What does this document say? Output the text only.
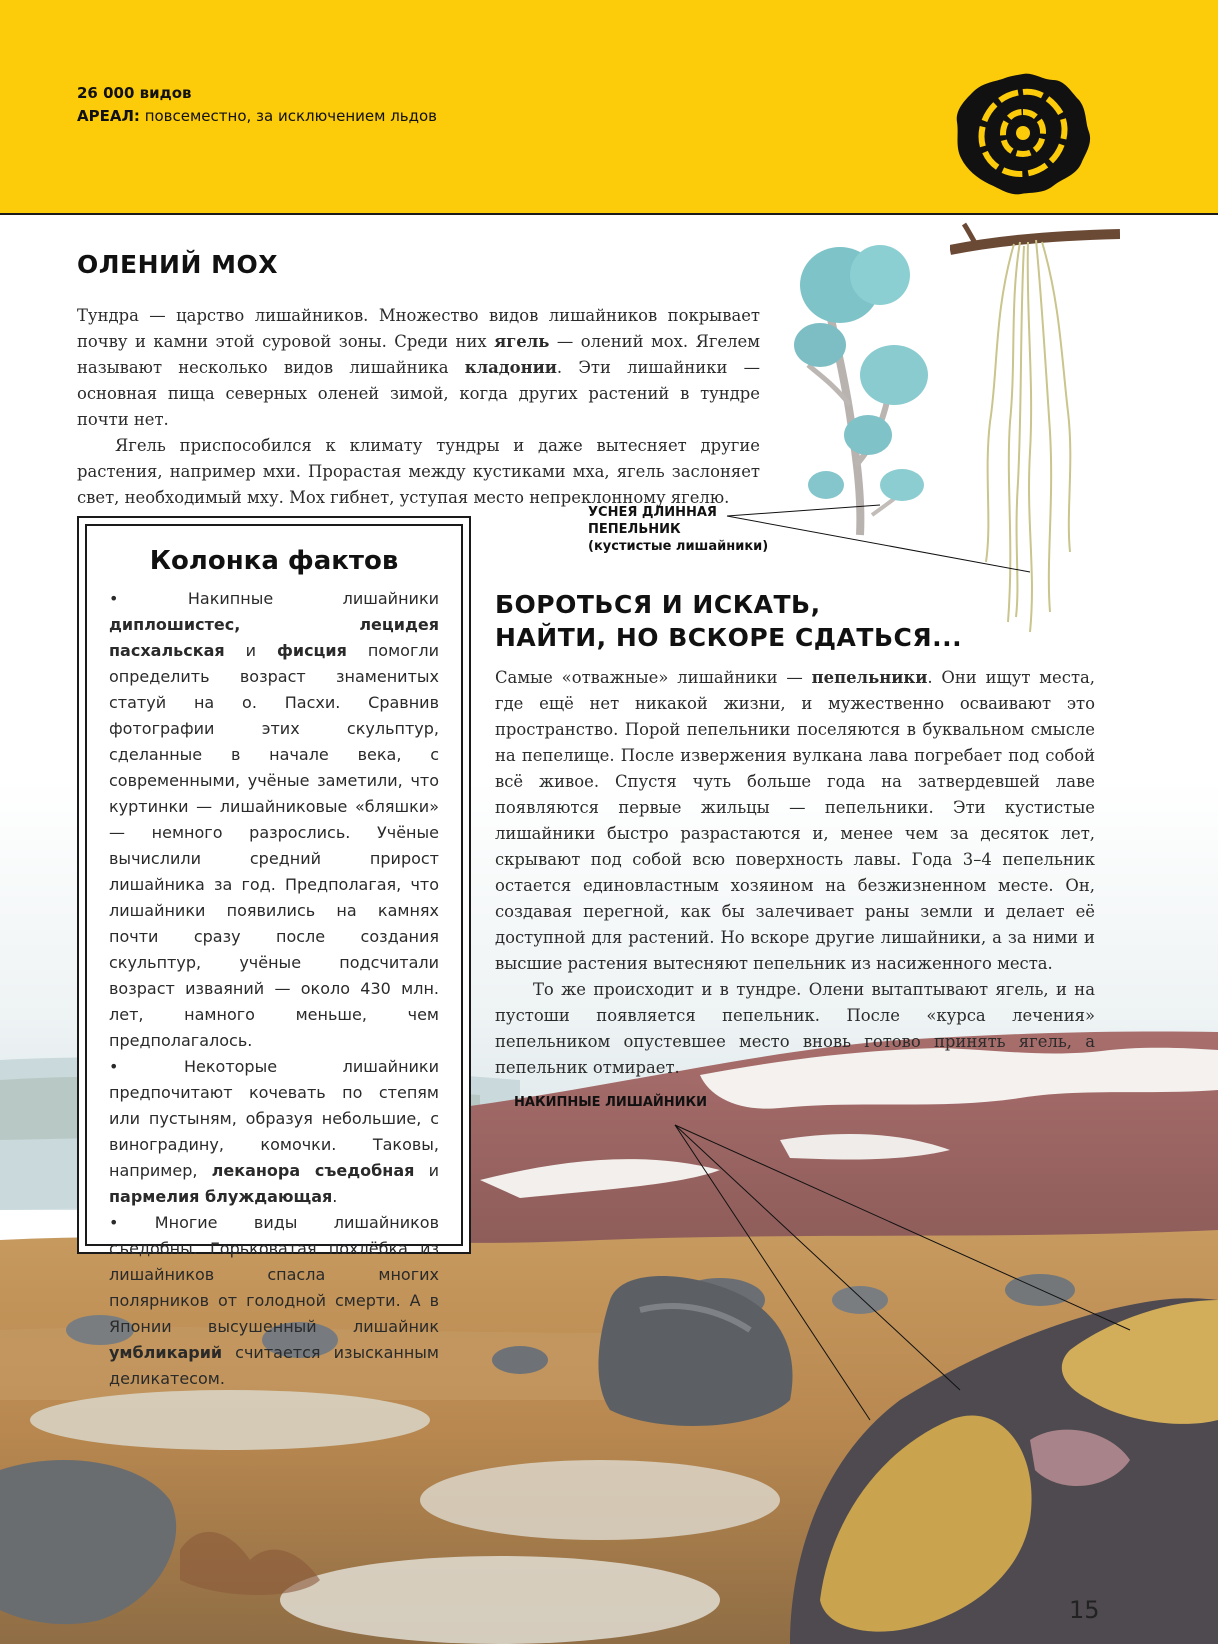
26 000 видов
АРЕАЛ: повсеместно, за исключением льдов
ОЛЕНИЙ МОХ

Тундра — царство лишайников. Множество видов лишайников покрывает почву и камни этой суровой зоны. Среди них ягель — олений мох. Ягелем называют несколько видов лишайника кладонии. Эти лишайники — основная пища северных оленей зимой, когда других растений в тундре почти нет.

Ягель приспособился к климату тундры и даже вытесняет другие растения, например мхи. Прорастая между кустиками мха, ягель заслоняет свет, необходимый мху. Мох гибнет, уступая место непреклонному ягелю.

УСНЕЯ ДЛИННАЯ
ПЕПЕЛЬНИК
(кустистые лишайники)
НАКИПНЫЕ ЛИШАЙНИКИ
Колонка фактов

• Накипные лишайники диплошистес, лецидея пасхальская и фисция помогли определить возраст знаменитых статуй на о. Пасхи. Сравнив фотографии этих скульптур, сделанные в начале века, с современными, учёные заметили, что куртинки — лишайниковые «бляшки» — немного разрослись. Учёные вычислили средний прирост лишайника за год. Предполагая, что лишайники появились на камнях почти сразу после создания скульптур, учёные подсчитали возраст изваяний — около 430 млн. лет, намного меньше, чем предполагалось.

• Некоторые лишайники предпочитают кочевать по степям или пустыням, образуя небольшие, с виноградину, комочки. Таковы, например, леканора съедобная и пармелия блуждающая.

• Многие виды лишайников съедобны. Горьковатая похлёбка из лишайников спасла многих полярников от голодной смерти. А в Японии высушенный лишайник умбликарий считается изысканным деликатесом.

БОРОТЬСЯ И ИСКАТЬ,
НАЙТИ, НО ВСКОРЕ СДАТЬСЯ...

Самые «отважные» лишайники — пепельники. Они ищут места, где ещё нет никакой жизни, и мужественно осваивают это пространство. Порой пепельники поселяются в буквальном смысле на пепелище. После извержения вулкана лава погребает под собой всё живое. Спустя чуть больше года на затвердевшей лаве появляются первые жильцы — пепельники. Эти кустистые лишайники быстро разрастаются и, менее чем за десяток лет, скрывают под собой всю поверхность лавы. Года 3–4 пепельник остается единовластным хозяином на безжизненном месте. Он, создавая перегной, как бы залечивает раны земли и делает её доступной для растений. Но вскоре другие лишайники, а за ними и высшие растения вытесняют пепельник из насиженного места.

То же происходит и в тундре. Олени вытаптывают ягель, и на пустоши появляется пепельник. После «курса лечения» пепельником опустевшее место вновь готово принять ягель, а пепельник отмирает.

15
